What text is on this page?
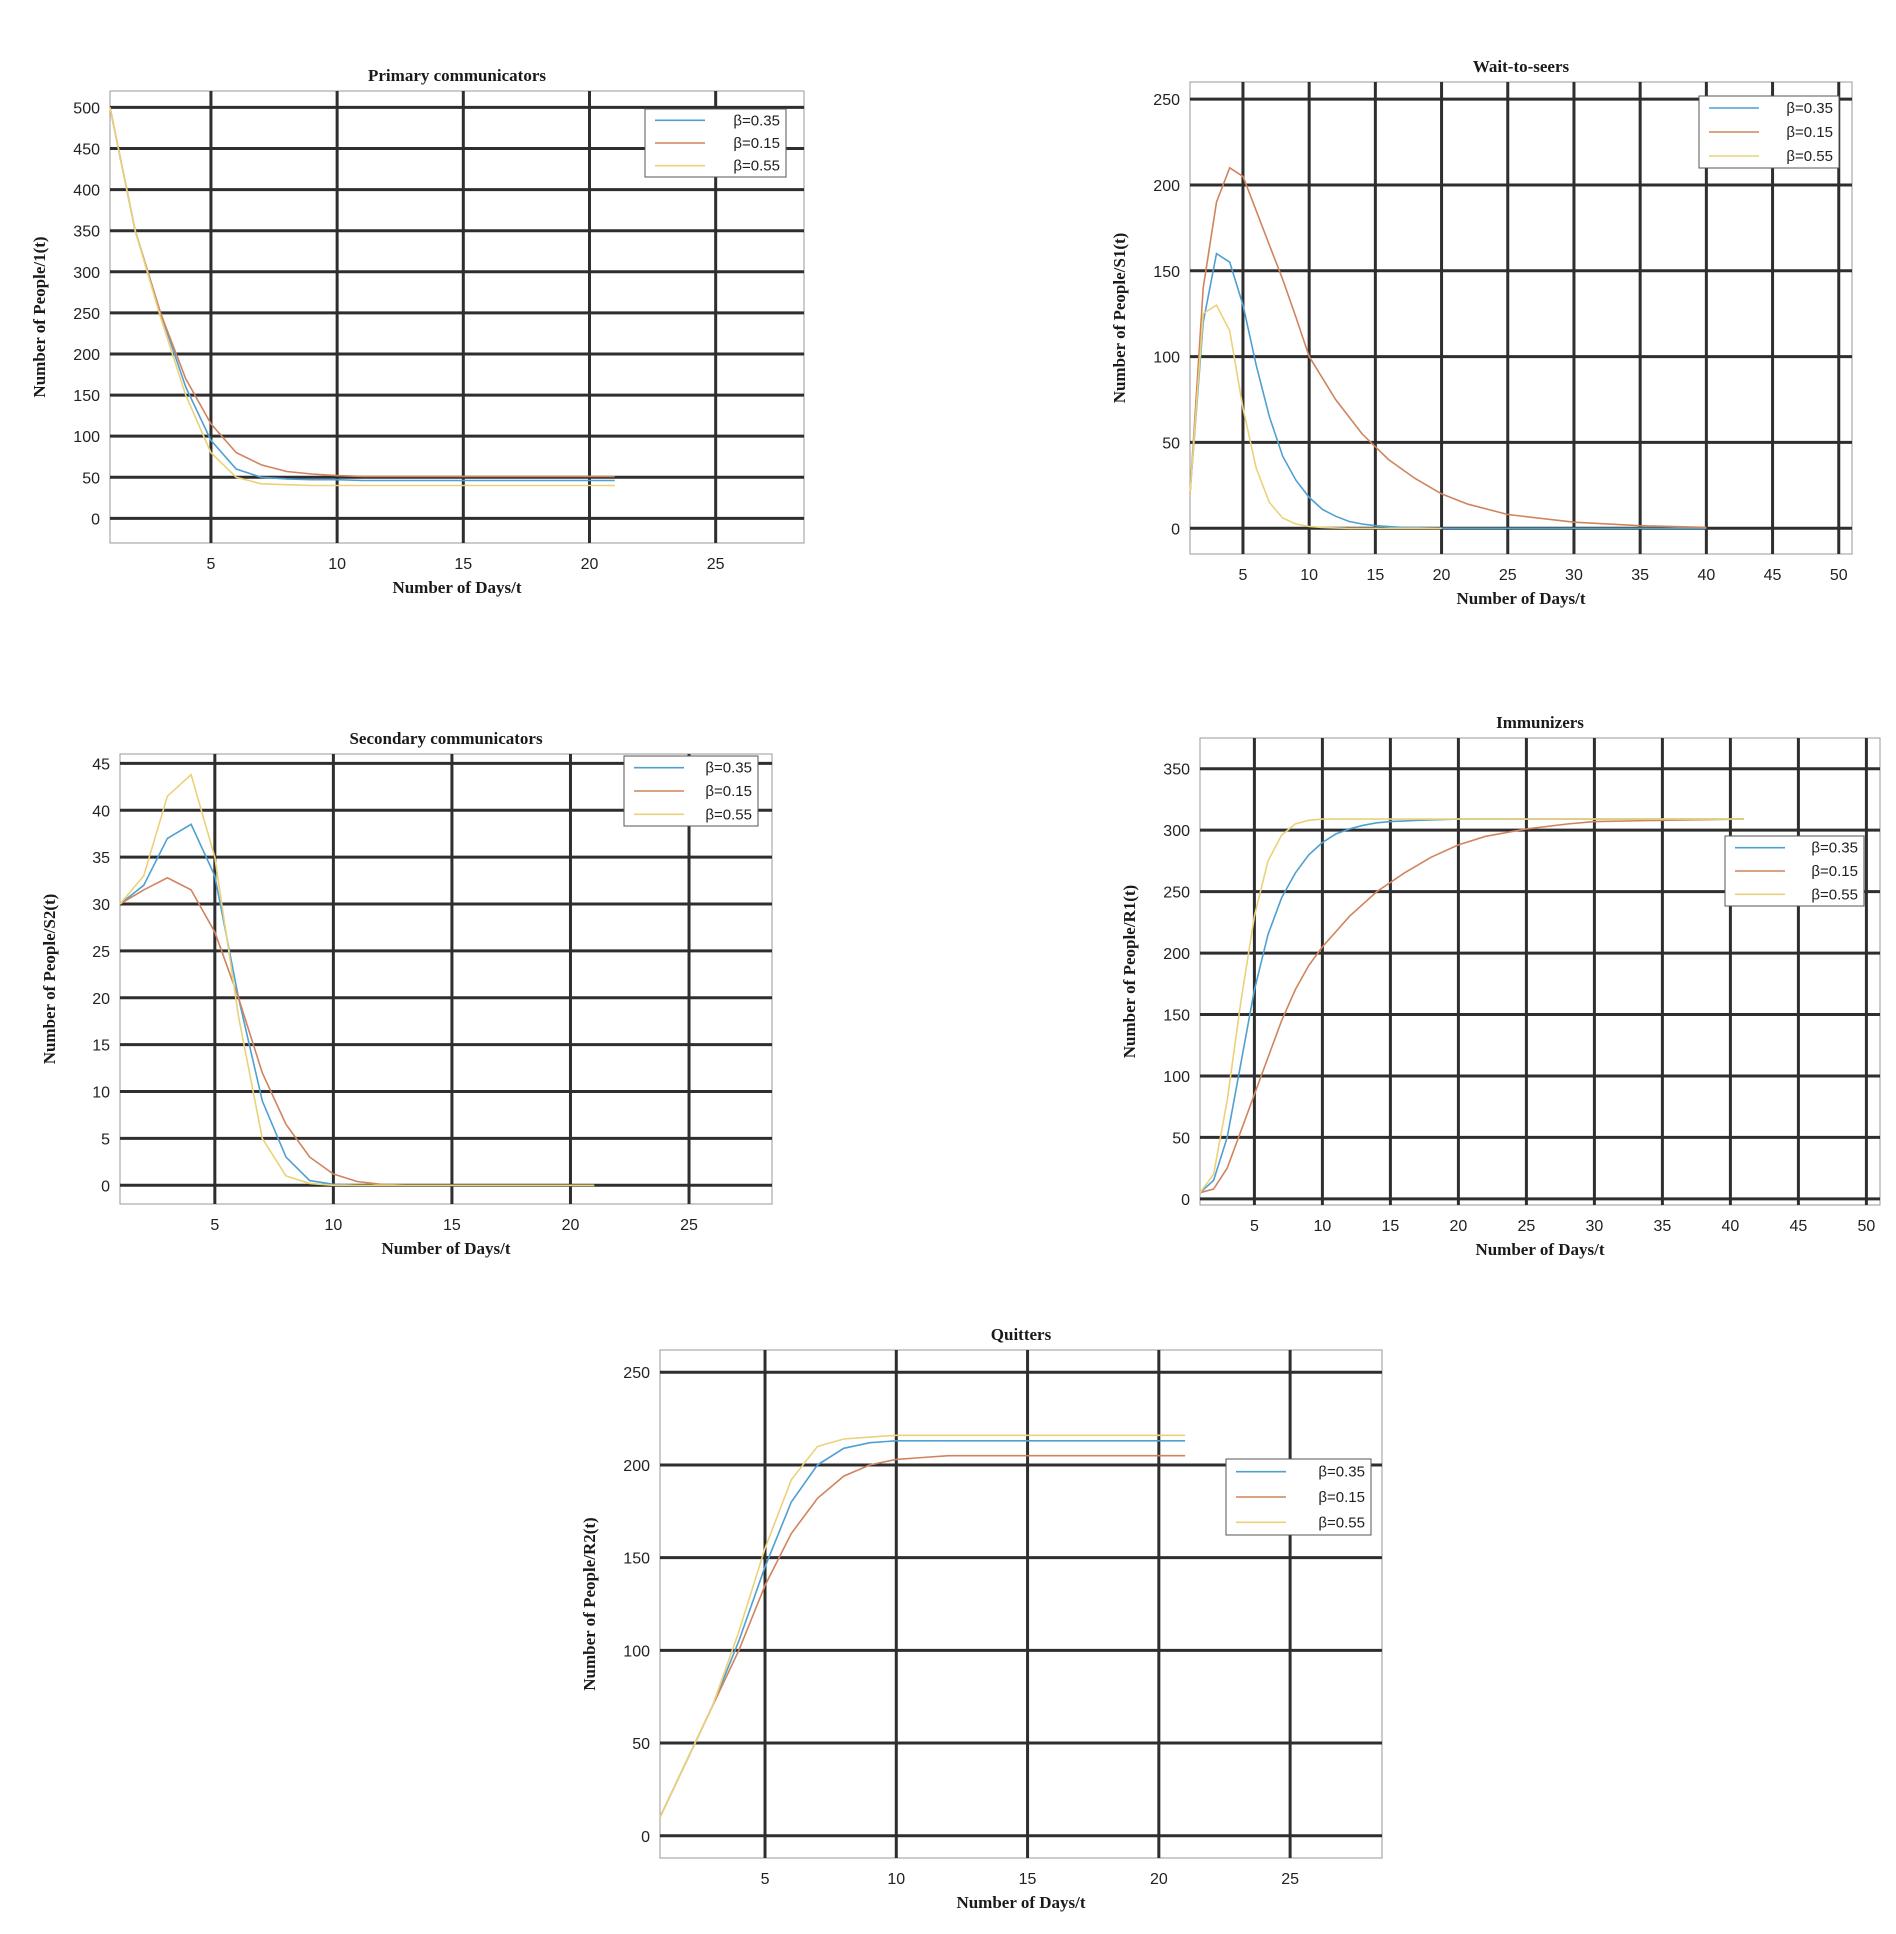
5	10	15	20	25
0
50
100
150
200
250
300
350
400
450
500
Primary communicators
Number of Days/t
Number of People/1(t)
β=0.35
β=0.15
β=0.55
5	10	15	20	25	30	35	40	45	50
0
50
100
150
200
250
Wait-to-seers
Number of Days/t
Number of People/S1(t)
β=0.35
β=0.15
β=0.55
5	10	15	20	25
0
5
10
15
20
25
30
35
40
45
Secondary communicators
Number of Days/t
Number of People/S2(t)
β=0.35
β=0.15
β=0.55
5	10	15	20	25	30	35	40	45	50
0
50
100
150
200
250
300
350
Immunizers
Number of Days/t
Number of People/R1(t)
β=0.35
β=0.15
β=0.55
5	10	15	20	25
0
50
100
150
200
250
Quitters
Number of Days/t
Number of People/R2(t)
β=0.35
β=0.15
β=0.55
